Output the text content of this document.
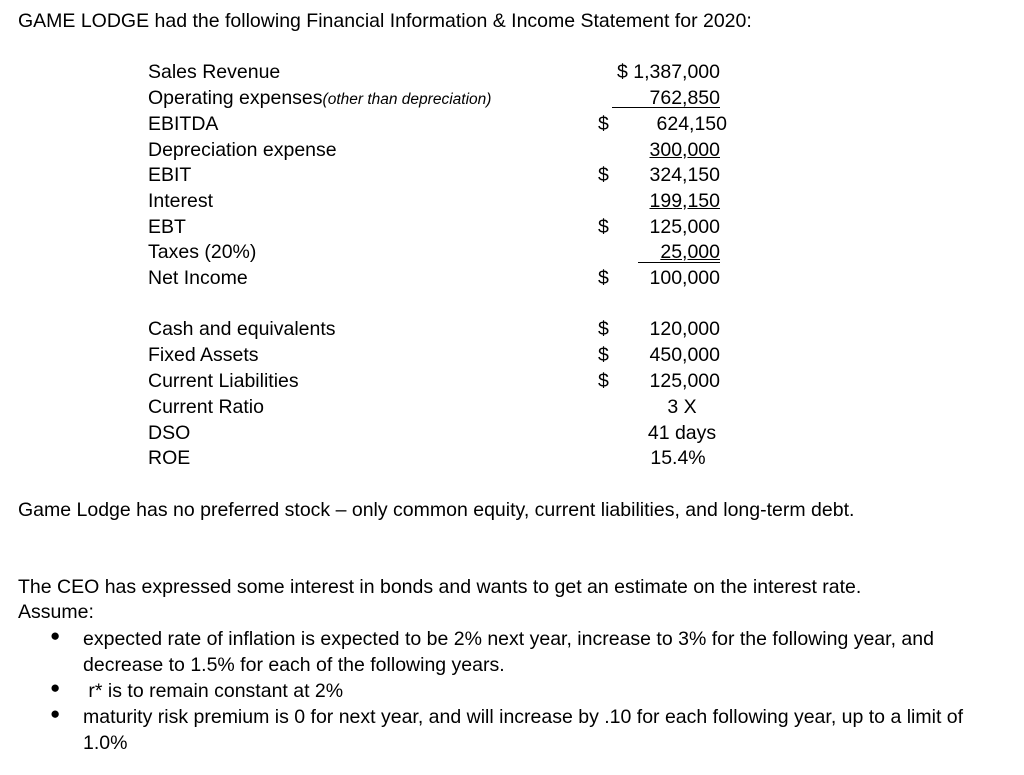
GAME LODGE had the following Financial Information & Income Statement for 2020:
Sales Revenue	$ 1,387,000
Operating expenses(other than depreciation)	762,850
EBITDA	$ 624,150
Depreciation expense	300,000
EBIT	$ 324,150
Interest	199,150
EBT	$ 125,000
Taxes (20%)	25,000
Net Income	$ 100,000
Cash and equivalents	$ 120,000
Fixed Assets	$ 450,000
Current Liabilities	$ 125,000
Current Ratio	3 X
DSO	41 days
ROE	15.4%
Game Lodge has no preferred stock – only common equity, current liabilities, and long-term debt.
The CEO has expressed some interest in bonds and wants to get an estimate on the interest rate.
Assume:
● expected rate of inflation is expected to be 2% next year, increase to 3% for the following year, and decrease to 1.5% for each of the following years.
● r* is to remain constant at 2%
● maturity risk premium is 0 for next year, and will increase by .10 for each following year, up to a limit of 1.0%
